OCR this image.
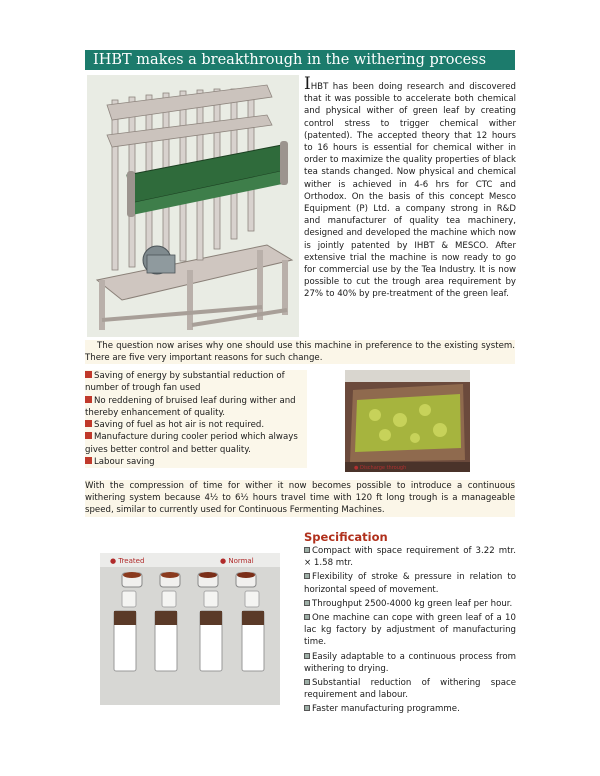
IHBT makes a breakthrough in the withering process
IHBT has been doing research and discovered that it was possible to accelerate both chemical and physical wither of green leaf by creating control stress to trigger chemical wither (patented). The accepted theory that 12 hours to 16 hours is essential for chemical wither in order to maximize the quality properties of black tea stands changed. Now physical and chemical wither is achieved in 4-6 hrs for CTC and Orthodox. On the basis of this concept Mesco Equipment (P) Ltd. a company strong in R&D and manufacturer of quality tea machinery, designed and developed the machine which now is jointly patented by IHBT & MESCO. After extensive trial the machine is now ready to go for commercial use by the Tea Industry. It is now possible to cut the trough area requirement by 27% to 40% by pre-treatment of the green leaf.
The question now arises why one should use this machine in preference to the existing system. There are five very important reasons for such change.

Saving of energy by substantial reduction of number of trough fan used

No reddening of bruised leaf during wither and thereby enhancement of quality.

Saving of fuel as hot air is not required.

Manufacture during cooler period which always gives better control and better quality.

Labour saving

● Discharge through
With the compression of time for wither it now becomes possible to introduce a continuous withering system because 4½ to 6½ hours travel time with 120 ft long trough is a manageable speed, similar to currently used for Continuous Fermenting Machines.
● Treated	● Normal
Specification

Compact with space requirement of 3.22 mtr. × 1.58 mtr.

Flexibility of stroke & pressure in relation to horizontal speed of movement.

Throughput 2500-4000 kg green leaf per hour.

One machine can cope with green leaf of a 10 lac kg factory by adjustment of manufacturing time.

Easily adaptable to a continuous process from withering to drying.

Substantial reduction of withering space requirement and labour.

Faster manufacturing programme.
